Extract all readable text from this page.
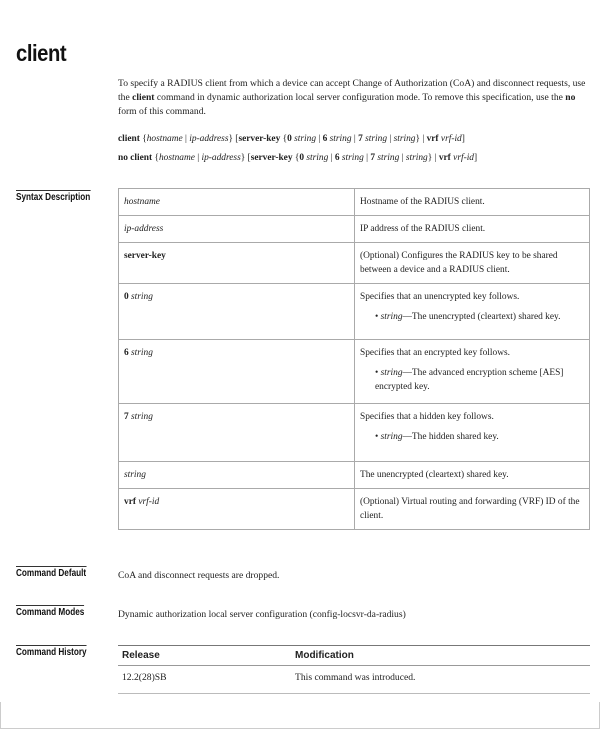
client
To specify a RADIUS client from which a device can accept Change of Authorization (CoA) and disconnect requests, use the client command in dynamic authorization local server configuration mode. To remove this specification, use the no form of this command.
client {hostname | ip-address} [server-key {0 string | 6 string | 7 string | string} | vrf vrf-id]
no client {hostname | ip-address} [server-key {0 string | 6 string | 7 string | string} | vrf vrf-id]
Syntax Description	hostname	Hostname of the RADIUS client.
ip-address	IP address of the RADIUS client.
server-key	(Optional) Configures the RADIUS key to be shared between a device and a RADIUS client.
0 string	Specifies that an unencrypted key follows.
• string—The unencrypted (cleartext) shared key.

6 string	Specifies that an encrypted key follows.
• string—The advanced encryption scheme [AES] encrypted key.

7 string	Specifies that a hidden key follows.
• string—The hidden shared key.

string	The unencrypted (cleartext) shared key.
vrf vrf-id	(Optional) Virtual routing and forwarding (VRF) ID of the client.
Command Default	CoA and disconnect requests are dropped.
Command Modes	Dynamic authorization local server configuration (config-locsvr-da-radius)
Command History	Release	Modification
12.2(28)SB	This command was introduced.
